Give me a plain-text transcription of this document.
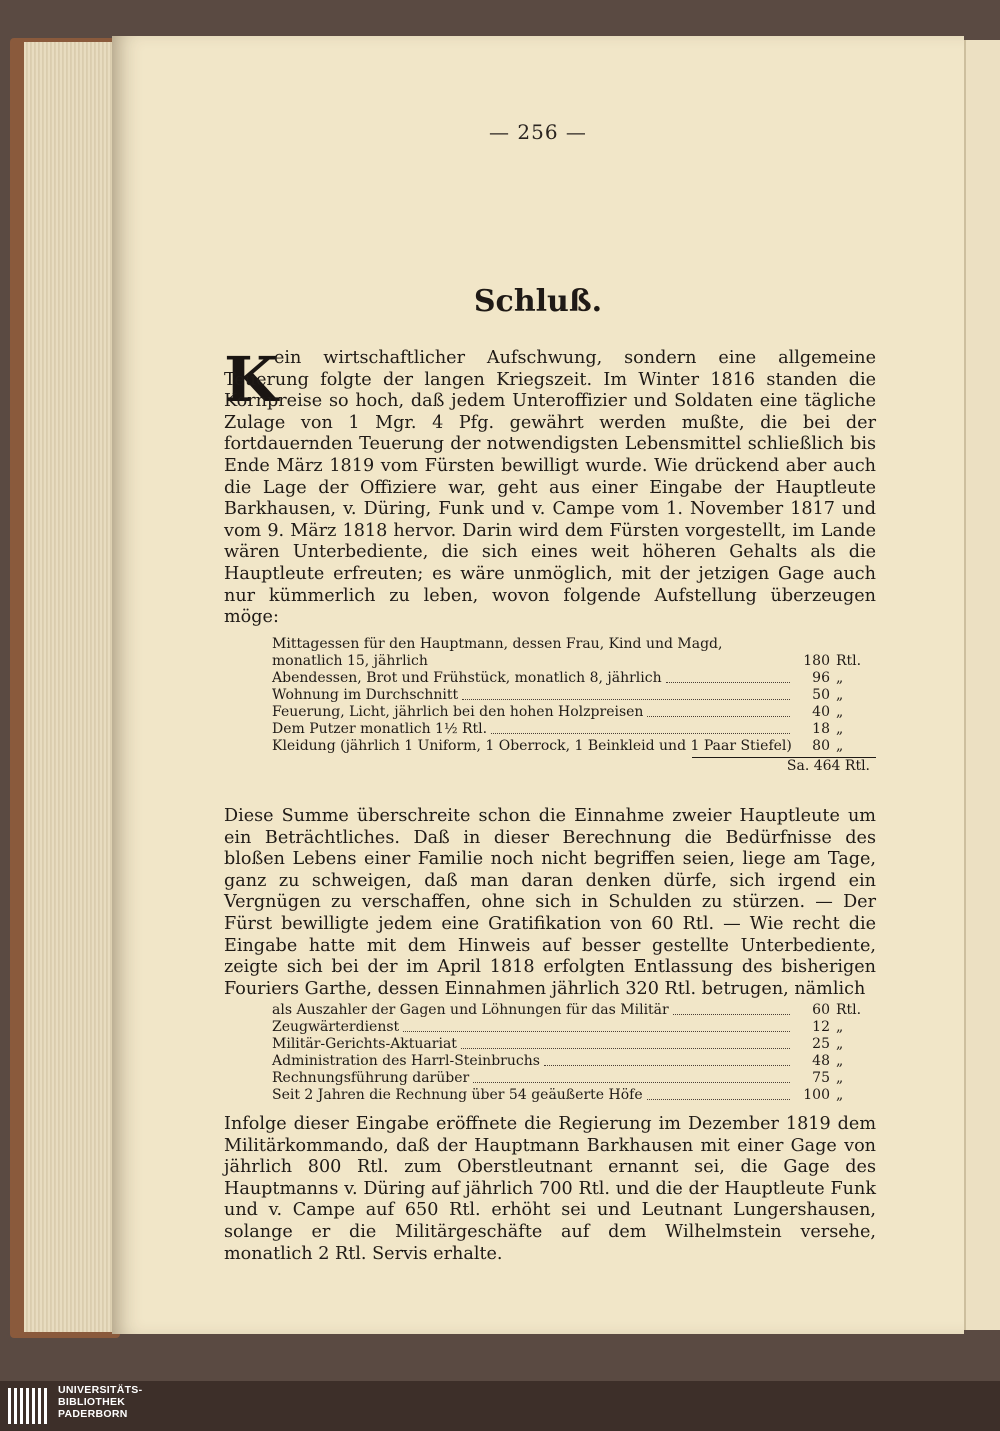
— 256 —
Schluß.
K

ein wirtschaftlicher Aufschwung, sondern eine allgemeine Teuerung folgte der langen Kriegszeit. Im Winter 1816 standen die Kornpreise so hoch, daß jedem Unteroffizier und Soldaten eine tägliche Zulage von 1 Mgr. 4 Pfg. gewährt werden mußte, die bei der fortdauernden Teuerung der notwendigsten Lebensmittel schließlich bis Ende März 1819 vom Fürsten bewilligt wurde. Wie drückend aber auch die Lage der Offiziere war, geht aus einer Eingabe der Hauptleute Barkhausen, v. Düring, Funk und v. Campe vom 1. November 1817 und vom 9. März 1818 hervor. Darin wird dem Fürsten vorgestellt, im Lande wären Unterbediente, die sich eines weit höheren Gehalts als die Hauptleute erfreuten; es wäre unmöglich, mit der jetzigen Gage auch nur kümmerlich zu leben, wovon folgende Aufstellung überzeugen möge:

Mittagessen für den Hauptmann, dessen Frau, Kind und Magd, monatlich 15, jährlich	180 Rtl.
Abendessen, Brot und Frühstück, monatlich 8, jährlich	96 „
Wohnung im Durchschnitt	50 „
Feuerung, Licht, jährlich bei den hohen Holzpreisen	40 „
Dem Putzer monatlich 1½ Rtl.	18 „
Kleidung (jährlich 1 Uniform, 1 Oberrock, 1 Beinkleid und 1 Paar Stiefel)	80 „
Sa. 464 Rtl.

Diese Summe überschreite schon die Einnahme zweier Hauptleute um ein Beträchtliches. Daß in dieser Berechnung die Bedürfnisse des bloßen Lebens einer Familie noch nicht begriffen seien, liege am Tage, ganz zu schweigen, daß man daran denken dürfe, sich irgend ein Vergnügen zu verschaffen, ohne sich in Schulden zu stürzen. — Der Fürst bewilligte jedem eine Gratifikation von 60 Rtl. — Wie recht die Eingabe hatte mit dem Hinweis auf besser gestellte Unterbediente, zeigte sich bei der im April 1818 erfolgten Entlassung des bisherigen Fouriers Garthe, dessen Einnahmen jährlich 320 Rtl. betrugen, nämlich

als Auszahler der Gagen und Löhnungen für das Militär	60 Rtl.
Zeugwärterdienst	12 „
Militär-Gerichts-Aktuariat	25 „
Administration des Harrl-Steinbruchs	48 „
Rechnungsführung darüber	75 „
Seit 2 Jahren die Rechnung über 54 geäußerte Höfe	100 „

Infolge dieser Eingabe eröffnete die Regierung im Dezember 1819 dem Militärkommando, daß der Hauptmann Barkhausen mit einer Gage von jährlich 800 Rtl. zum Oberstleutnant ernannt sei, die Gage des Hauptmanns v. Düring auf jährlich 700 Rtl. und die der Hauptleute Funk und v. Campe auf 650 Rtl. erhöht sei und Leutnant Lungershausen, solange er die Militärgeschäfte auf dem Wilhelmstein versehe, monatlich 2 Rtl. Servis erhalte.

UNIVERSITÄTS-
BIBLIOTHEK
PADERBORN
